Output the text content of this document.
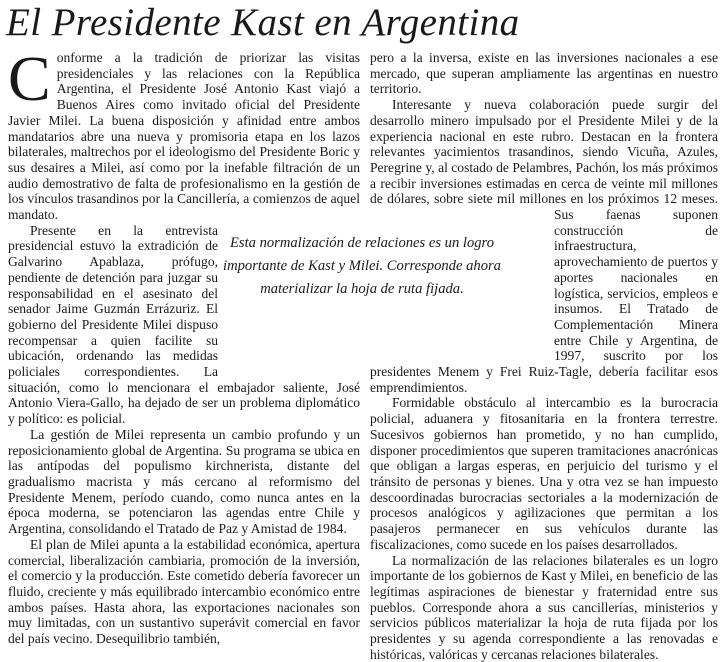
El Presidente Kast en Argentina

Conforme a la tradición de priorizar las visitas presidenciales y las relaciones con la República Argentina, el Presidente José Antonio Kast viajó a Buenos Aires como invitado oficial del Presidente Javier Milei. La buena disposición y afinidad entre ambos mandatarios abre una nueva y promisoria etapa en los lazos bilaterales, maltrechos por el ideologismo del Presidente Boric y sus desaires a Milei, así como por la inefable filtración de un audio demostrativo de falta de profesionalismo en la gestión de los vínculos trasandinos por la Cancillería, a comienzos de aquel mandato.

Presente en la entrevista presidencial estuvo la extradición de Galvarino Apablaza, prófugo, pendiente de detención para juzgar su responsabilidad en el asesinato del senador Jaime Guzmán Errázuriz. El gobierno del Presidente Milei dispuso recompensar a quien facilite su ubicación, ordenando las medidas policiales correspondientes. La situación, como lo mencionara el embajador saliente, José Antonio Viera-Gallo, ha dejado de ser un problema diplomático y político: es policial.

La gestión de Milei representa un cambio profundo y un reposicionamiento global de Argentina. Su programa se ubica en las antípodas del populismo kirchnerista, distante del gradualismo macrista y más cercano al reformismo del Presidente Menem, período cuando, como nunca antes en la época moderna, se potenciaron las agendas entre Chile y Argentina, consolidando el Tratado de Paz y Amistad de 1984.

El plan de Milei apunta a la estabilidad económica, apertura comercial, liberalización cambiaria, promoción de la inversión, el comercio y la producción. Este cometido debería favorecer un fluido, creciente y más equilibrado intercambio económico entre ambos países. Hasta ahora, las exportaciones nacionales son muy limitadas, con un sustantivo superávit comercial en favor del país vecino. Desequilibrio también,

pero a la inversa, existe en las inversiones nacionales a ese mercado, que superan ampliamente las argentinas en nuestro territorio.

Interesante y nueva colaboración puede surgir del desarrollo minero impulsado por el Presidente Milei y de la experiencia nacional en este rubro. Destacan en la frontera relevantes yacimientos trasandinos, siendo Vicuña, Azules, Peregrine y, al costado de Pelambres, Pachón, los más próximos a recibir inversiones estimadas en cerca de veinte mil millones de dólares, sobre siete mil millones en los próximos 12 meses.
Sus faenas suponen construcción de infraestructura, aprovechamiento de puertos y aportes nacionales en logística, servicios, empleos e insumos. El Tratado de Complementación Minera entre Chile y Argentina, de 1997, suscrito por los presidentes Menem y Frei Ruiz-Tagle, debería facilitar esos emprendimientos.

Formidable obstáculo al intercambio es la burocracia policial, aduanera y fitosanitaria en la frontera terrestre. Sucesivos gobiernos han prometido, y no han cumplido, disponer procedimientos que superen tramitaciones anacrónicas que obligan a largas esperas, en perjuicio del turismo y el tránsito de personas y bienes. Una y otra vez se han impuesto descoordinadas burocracias sectoriales a la modernización de procesos analógicos y agilizaciones que permitan a los pasajeros permanecer en sus vehículos durante las fiscalizaciones, como sucede en los países desarrollados.

La normalización de las relaciones bilaterales es un logro importante de los gobiernos de Kast y Milei, en beneficio de las legítimas aspiraciones de bienestar y fraternidad entre sus pueblos. Corresponde ahora a sus cancillerías, ministerios y servicios públicos materializar la hoja de ruta fijada por los presidentes y su agenda correspondiente a las renovadas e históricas, valóricas y cercanas relaciones bilaterales.

Esta normalización de relaciones es un logro importante de Kast y Milei. Corresponde ahora materializar la hoja de ruta fijada.
